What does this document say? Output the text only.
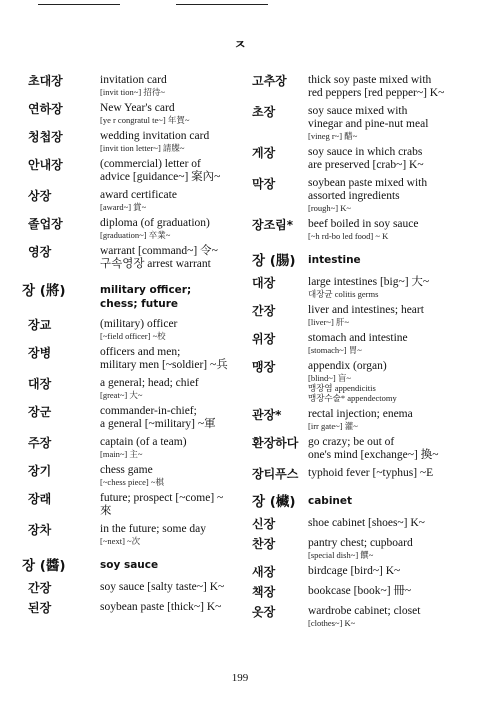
ㅈ
초대장	invitation card
[invit tion~] 招待~
연하장	New Year's card
[ye r congratul te~] 年賀~
청첩장	wedding invitation card
[invit tion letter~] 請牒~
안내장	(commercial) letter of
advice [guidance~] 案內~
상장	award certificate
[award~] 賞~
졸업장	diploma (of graduation)
[graduation~] 卒業~
영장	warrant [command~] 令~
구속영장 arrest warrant
장 (將)	military officer;
chess; future
장교	(military) officer
[~field officer] ~校
장병	officers and men;
military men [~soldier] ~兵
대장	a general; head; chief
[great~] 大~
장군	commander-in-chief;
a general [~military] ~軍
주장	captain (of a team)
[main~] 主~
장기	chess game
[~chess piece] ~棋
장래	future; prospect [~come] ~來
장차	in the future; some day
[~next] ~次
장 (醬)	soy sauce
간장	soy sauce [salty taste~] K~
된장	soybean paste [thick~] K~
고추장	thick soy paste mixed with
red peppers [red pepper~] K~
초장	soy sauce mixed with
vinegar and pine-nut meal
[vineg r~] 醋~
게장	soy sauce in which crabs
are preserved [crab~] K~
막장	soybean paste mixed with
assorted ingredients
[rough~] K~
장조림*	beef boiled in soy sauce
[~h rd-bo led food] ~ K
장 (腸)	intestine
대장	large intestines [big~] 大~
대장균 colitis germs
간장	liver and intestines; heart
[liver~] 肝~
위장	stomach and intestine
[stomach~] 胃~
맹장	appendix (organ)
[blind~] 盲~
맹장염 appendicitis
맹장수술* appendectomy
관장*	rectal injection; enema
[irr gate~] 灌~
환장하다 go crazy; be out of
one's mind [exchange~] 換~
장티푸스 typhoid fever [~typhus] ~E
장 (欌)	cabinet
신장	shoe cabinet [shoes~] K~
찬장	pantry chest; cupboard
[special dish~] 饌~
새장	birdcage [bird~] K~
책장	bookcase [book~] 冊~
옷장	wardrobe cabinet; closet
[clothes~] K~
199
